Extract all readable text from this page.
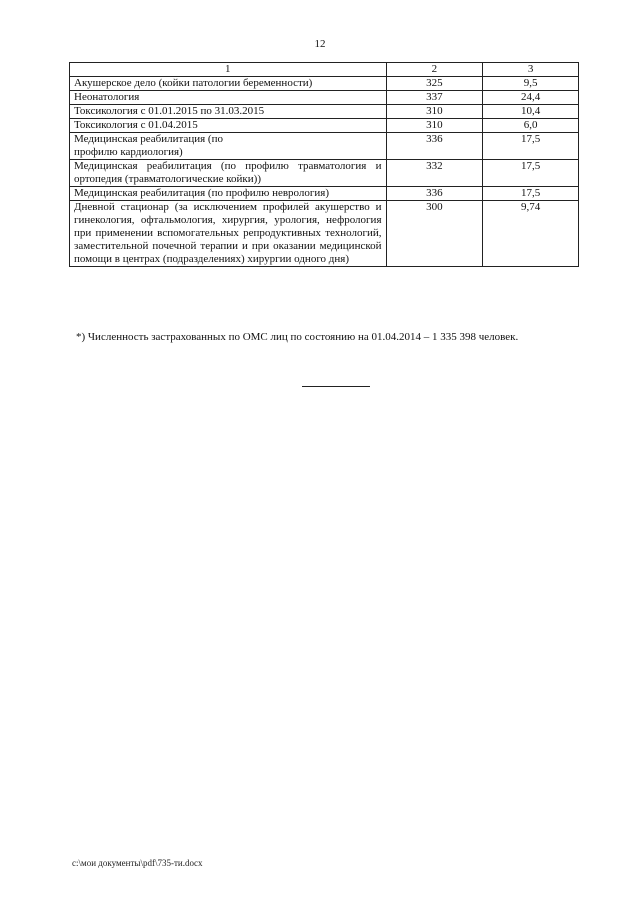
12
1	2	3
Акушерское дело (койки патологии беременности)	325	9,5
Неонатология	337	24,4
Токсикология с 01.01.2015 по 31.03.2015	310	10,4
Токсикология с 01.04.2015	310	6,0
Медицинская реабилитация (по профилю кардиология)	336	17,5
Медицинская реабилитация (по профилю травматология и ортопедия (травматологические койки))	332	17,5
Медицинская реабилитация (по профилю неврология)	336	17,5
Дневной стационар (за исключением профилей акушерство и гинекология, офтальмология, хирургия, урология, нефрология при применении вспомогательных репродуктивных технологий, заместительной почечной терапии и при оказании медицинской помощи в центрах (подразделениях) хирургии одного дня)	300	9,74
*) Численность застрахованных по ОМС лиц по состоянию на 01.04.2014 – 1 335 398 человек.
c:\мои документы\pdf\735-ти.docx
